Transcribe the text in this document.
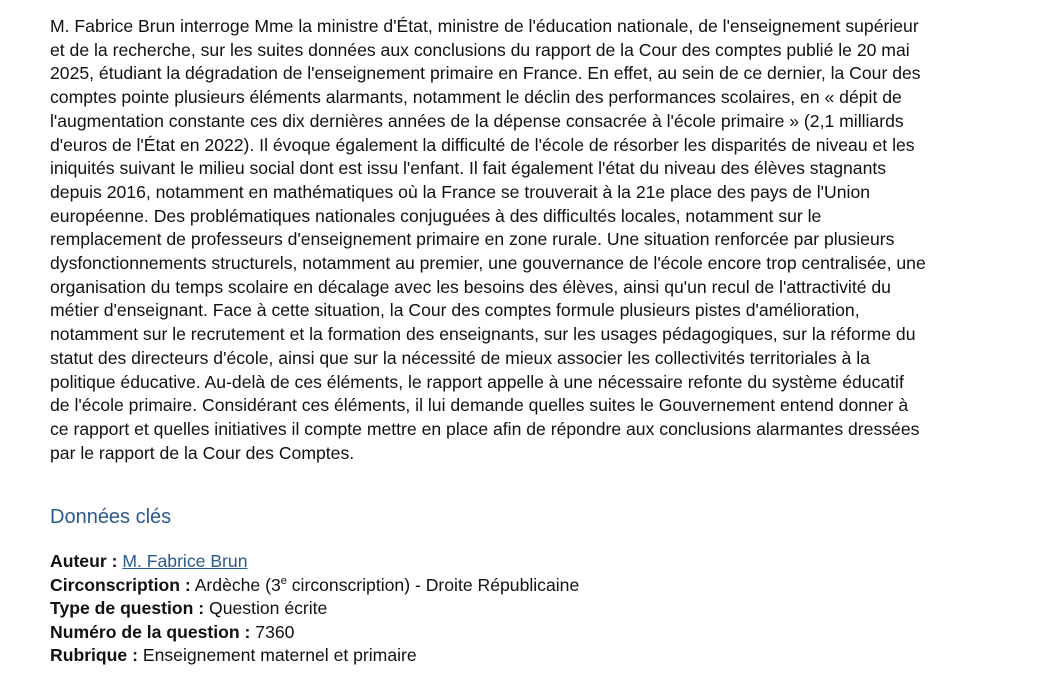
M. Fabrice Brun interroge Mme la ministre d'État, ministre de l'éducation nationale, de l'enseignement supérieur
et de la recherche, sur les suites données aux conclusions du rapport de la Cour des comptes publié le 20 mai
2025, étudiant la dégradation de l'enseignement primaire en France. En effet, au sein de ce dernier, la Cour des
comptes pointe plusieurs éléments alarmants, notamment le déclin des performances scolaires, en « dépit de
l'augmentation constante ces dix dernières années de la dépense consacrée à l'école primaire » (2,1 milliards
d'euros de l'État en 2022). Il évoque également la difficulté de l'école de résorber les disparités de niveau et les
iniquités suivant le milieu social dont est issu l'enfant. Il fait également l'état du niveau des élèves stagnants
depuis 2016, notamment en mathématiques où la France se trouverait à la 21e place des pays de l'Union
européenne. Des problématiques nationales conjuguées à des difficultés locales, notamment sur le
remplacement de professeurs d'enseignement primaire en zone rurale. Une situation renforcée par plusieurs
dysfonctionnements structurels, notamment au premier, une gouvernance de l'école encore trop centralisée, une
organisation du temps scolaire en décalage avec les besoins des élèves, ainsi qu'un recul de l'attractivité du
métier d'enseignant. Face à cette situation, la Cour des comptes formule plusieurs pistes d'amélioration,
notamment sur le recrutement et la formation des enseignants, sur les usages pédagogiques, sur la réforme du
statut des directeurs d'école, ainsi que sur la nécessité de mieux associer les collectivités territoriales à la
politique éducative. Au-delà de ces éléments, le rapport appelle à une nécessaire refonte du système éducatif
de l'école primaire. Considérant ces éléments, il lui demande quelles suites le Gouvernement entend donner à
ce rapport et quelles initiatives il compte mettre en place afin de répondre aux conclusions alarmantes dressées
par le rapport de la Cour des Comptes.

Données clés
Auteur : M. Fabrice Brun
Circonscription : Ardèche (3e circonscription) - Droite Républicaine
Type de question : Question écrite
Numéro de la question : 7360
Rubrique : Enseignement maternel et primaire
